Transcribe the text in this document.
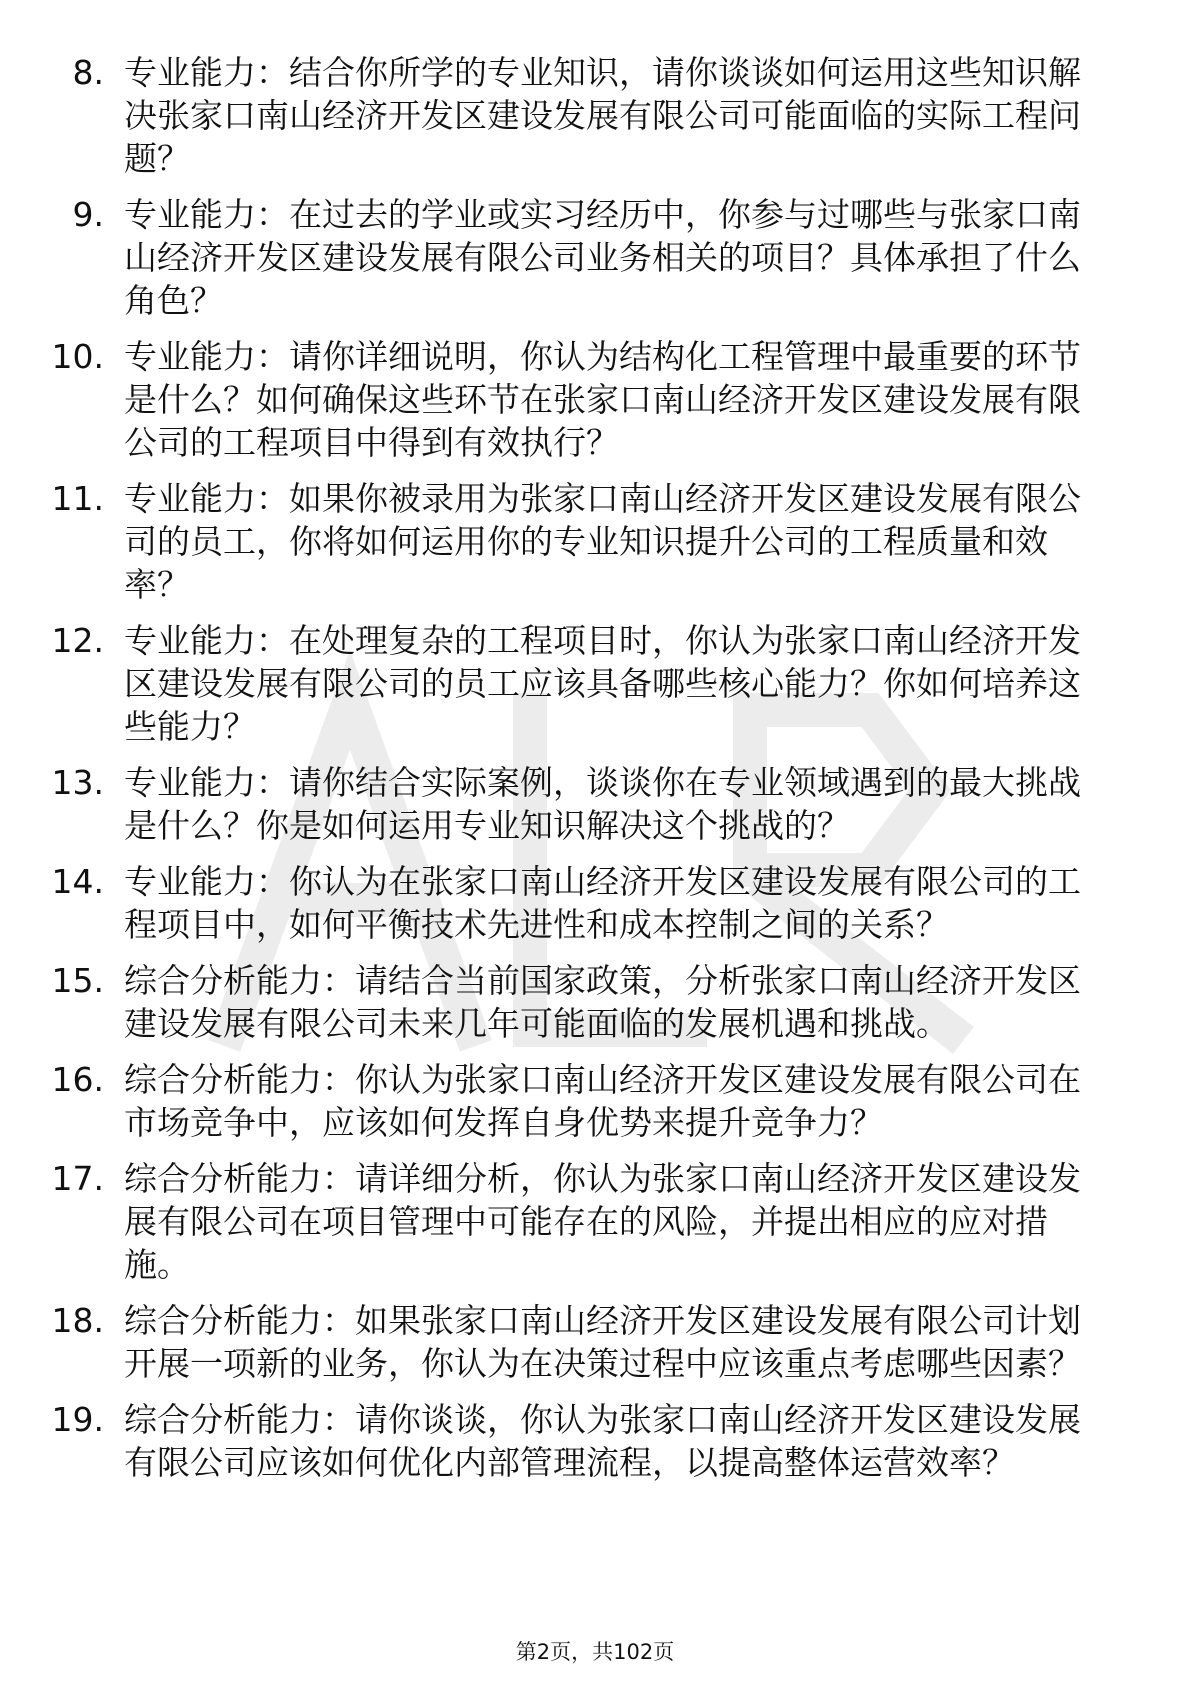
8. 专业能力：结合你所学的专业知识，请你谈谈如何运用这些知识解决张家口南山经济开发区建设发展有限公司可能面临的实际工程问题？
9. 专业能力：在过去的学业或实习经历中，你参与过哪些与张家口南山经济开发区建设发展有限公司业务相关的项目？具体承担了什么角色？
10. 专业能力：请你详细说明，你认为结构化工程管理中最重要的环节是什么？如何确保这些环节在张家口南山经济开发区建设发展有限公司的工程项目中得到有效执行？
11. 专业能力：如果你被录用为张家口南山经济开发区建设发展有限公司的员工，你将如何运用你的专业知识提升公司的工程质量和效率？
12. 专业能力：在处理复杂的工程项目时，你认为张家口南山经济开发区建设发展有限公司的员工应该具备哪些核心能力？你如何培养这些能力？
13. 专业能力：请你结合实际案例，谈谈你在专业领域遇到的最大挑战是什么？你是如何运用专业知识解决这个挑战的？
14. 专业能力：你认为在张家口南山经济开发区建设发展有限公司的工程项目中，如何平衡技术先进性和成本控制之间的关系？
15. 综合分析能力：请结合当前国家政策，分析张家口南山经济开发区建设发展有限公司未来几年可能面临的发展机遇和挑战。
16. 综合分析能力：你认为张家口南山经济开发区建设发展有限公司在市场竞争中，应该如何发挥自身优势来提升竞争力？
17. 综合分析能力：请详细分析，你认为张家口南山经济开发区建设发展有限公司在项目管理中可能存在的风险，并提出相应的应对措施。
18. 综合分析能力：如果张家口南山经济开发区建设发展有限公司计划开展一项新的业务，你认为在决策过程中应该重点考虑哪些因素？
19. 综合分析能力：请你谈谈，你认为张家口南山经济开发区建设发展有限公司应该如何优化内部管理流程，以提高整体运营效率？
第2页，共102页
